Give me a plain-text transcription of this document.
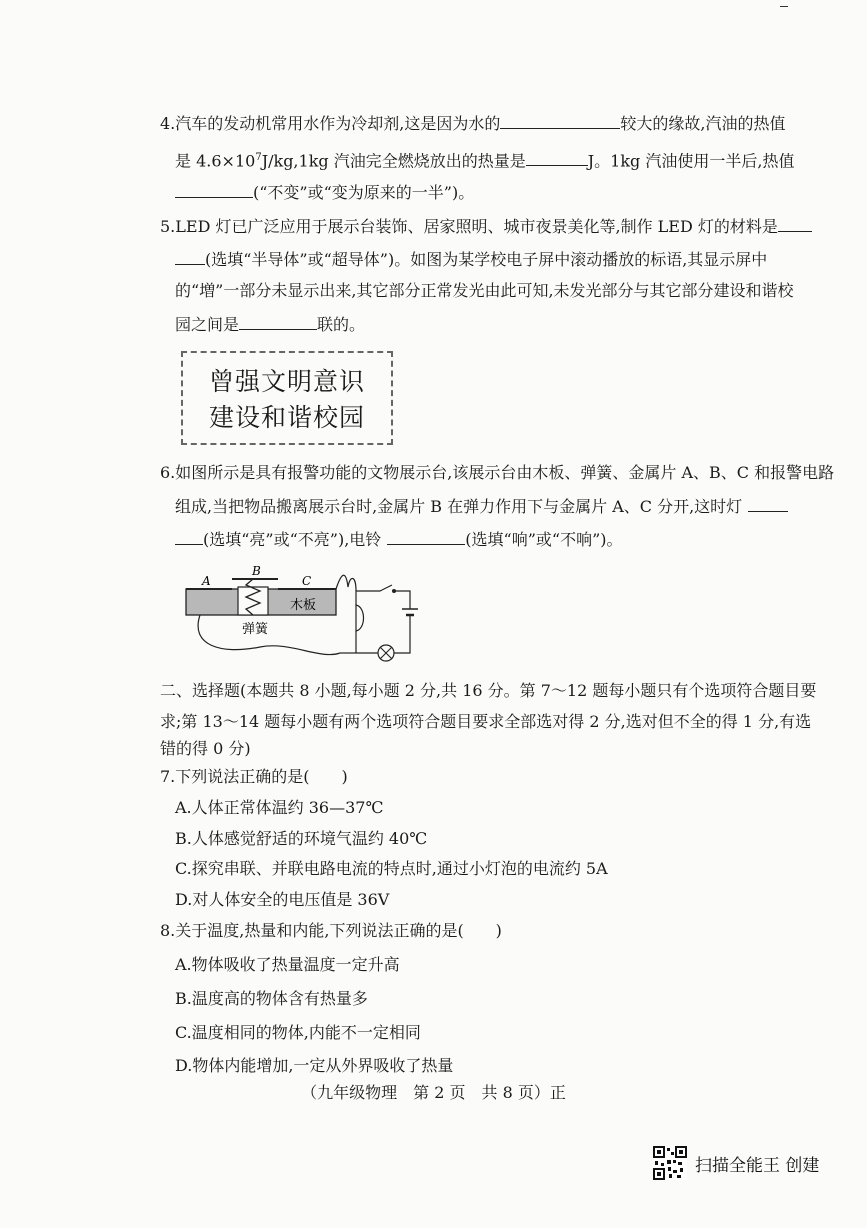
4.汽车的发动机常用水作为冷却剂,这是因为水的	较大的缘故,汽油的热值
是 $4.6\times 10^7J/kg,1kg$ 汽油完全燃烧放出的热量是	J。1kg 汽油使用一半后,热值
(“不变”或“变为原来的一半”)。
5.LED 灯已广泛应用于展示台装饰、居家照明、城市夜景美化等,制作 LED 灯的材料是
(选填“半导体”或“超导体”)。如图为某学校电子屏中滚动播放的标语,其显示屏中
的“増”一部分未显示出来,其它部分正常发光由此可知,未发光部分与其它部分建设和谐校
园之间是	联的。
曾强文明意识
建设和谐校园
6.如图所示是具有报警功能的文物展示台,该展示台由木板、弹簧、金属片 A、B、C 和报警电路
组成,当把物品搬离展示台时,金属片 B 在弹力作用下与金属片 A、C 分开,这时灯
(选填“亮”或“不亮”),电铃	(选填“响”或“不响”)。
A
B
C
木板
弹簧
二、选择题(本题共 8 小题,每小题 2 分,共 16 分。第 7～12 题每小题只有个选项符合题目要
求;第 13～14 题每小题有两个选项符合题目要求全部选对得 2 分,选对但不全的得 1 分,有选
错的得 0 分)
7.下列说法正确的是(　　)
A.人体正常体温约 36—37℃
B.人体感觉舒适的环境气温约 40℃
C.探究串联、并联电路电流的特点时,通过小灯泡的电流约 5A
D.对人体安全的电压值是 36V
8.关于温度,热量和内能,下列说法正确的是(　　)
A.物体吸收了热量温度一定升高
B.温度高的物体含有热量多
C.温度相同的物体,内能不一定相同
D.物体内能增加,一定从外界吸收了热量
（九年级物理　第 2 页　共 8 页）正
扫描全能王 创建
